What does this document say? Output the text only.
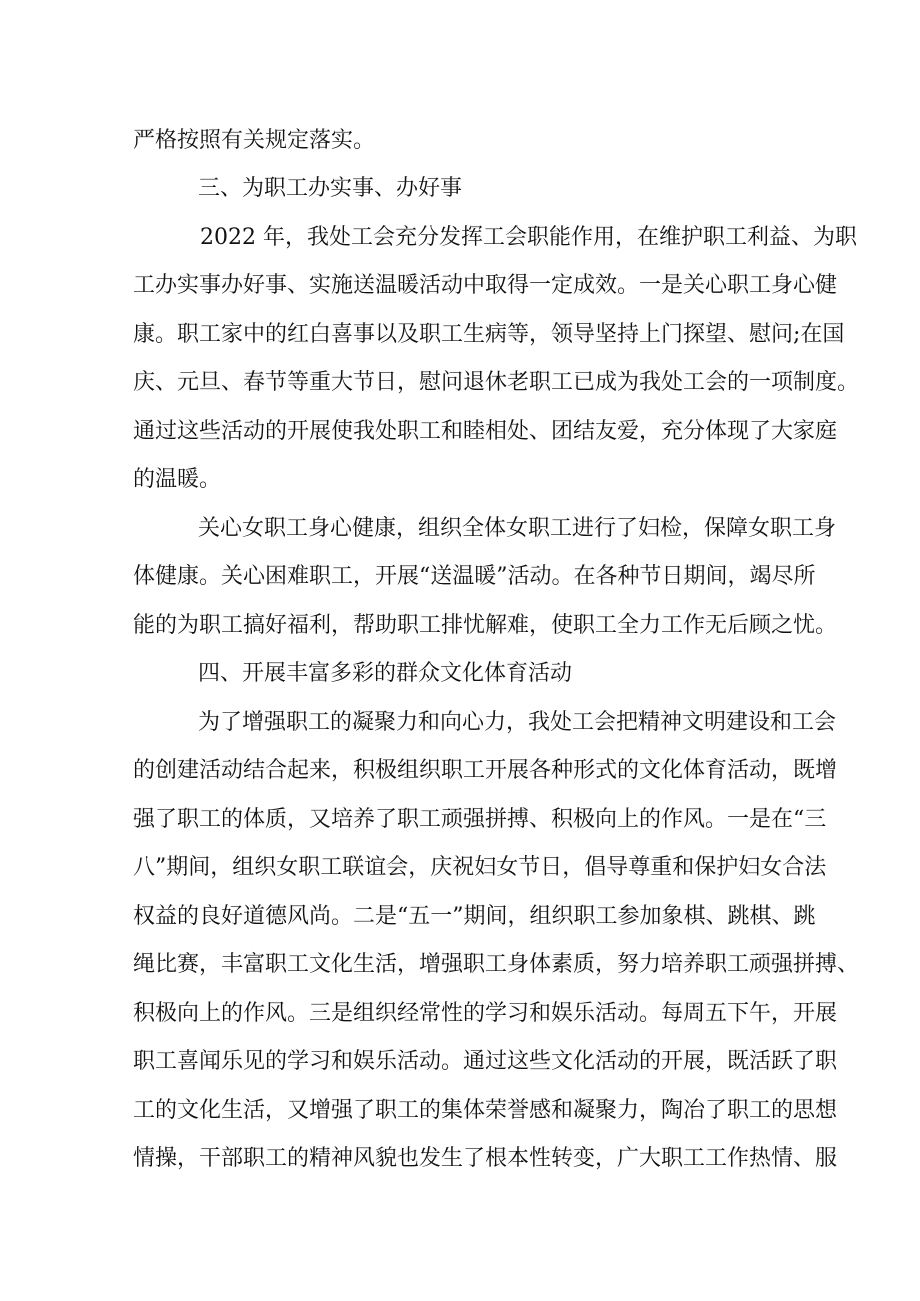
严格按照有关规定落实。
三、为职工办实事、办好事
2022 年，我处工会充分发挥工会职能作用，在维护职工利益、为职
工办实事办好事、实施送温暖活动中取得一定成效。一是关心职工身心健
康。职工家中的红白喜事以及职工生病等，领导坚持上门探望、慰问;在国
庆、元旦、春节等重大节日，慰问退休老职工已成为我处工会的一项制度。
通过这些活动的开展使我处职工和睦相处、团结友爱，充分体现了大家庭
的温暖。
关心女职工身心健康，组织全体女职工进行了妇检，保障女职工身
体健康。关心困难职工，开展“送温暖”活动。在各种节日期间，竭尽所
能的为职工搞好福利，帮助职工排忧解难，使职工全力工作无后顾之忧。
四、开展丰富多彩的群众文化体育活动
为了增强职工的凝聚力和向心力，我处工会把精神文明建设和工会
的创建活动结合起来，积极组织职工开展各种形式的文化体育活动，既增
强了职工的体质，又培养了职工顽强拼搏、积极向上的作风。一是在“三
八”期间，组织女职工联谊会，庆祝妇女节日，倡导尊重和保护妇女合法
权益的良好道德风尚。二是“五一”期间，组织职工参加象棋、跳棋、跳
绳比赛，丰富职工文化生活，增强职工身体素质，努力培养职工顽强拼搏、
积极向上的作风。三是组织经常性的学习和娱乐活动。每周五下午，开展
职工喜闻乐见的学习和娱乐活动。通过这些文化活动的开展，既活跃了职
工的文化生活，又增强了职工的集体荣誉感和凝聚力，陶冶了职工的思想
情操，干部职工的精神风貌也发生了根本性转变，广大职工工作热情、服
